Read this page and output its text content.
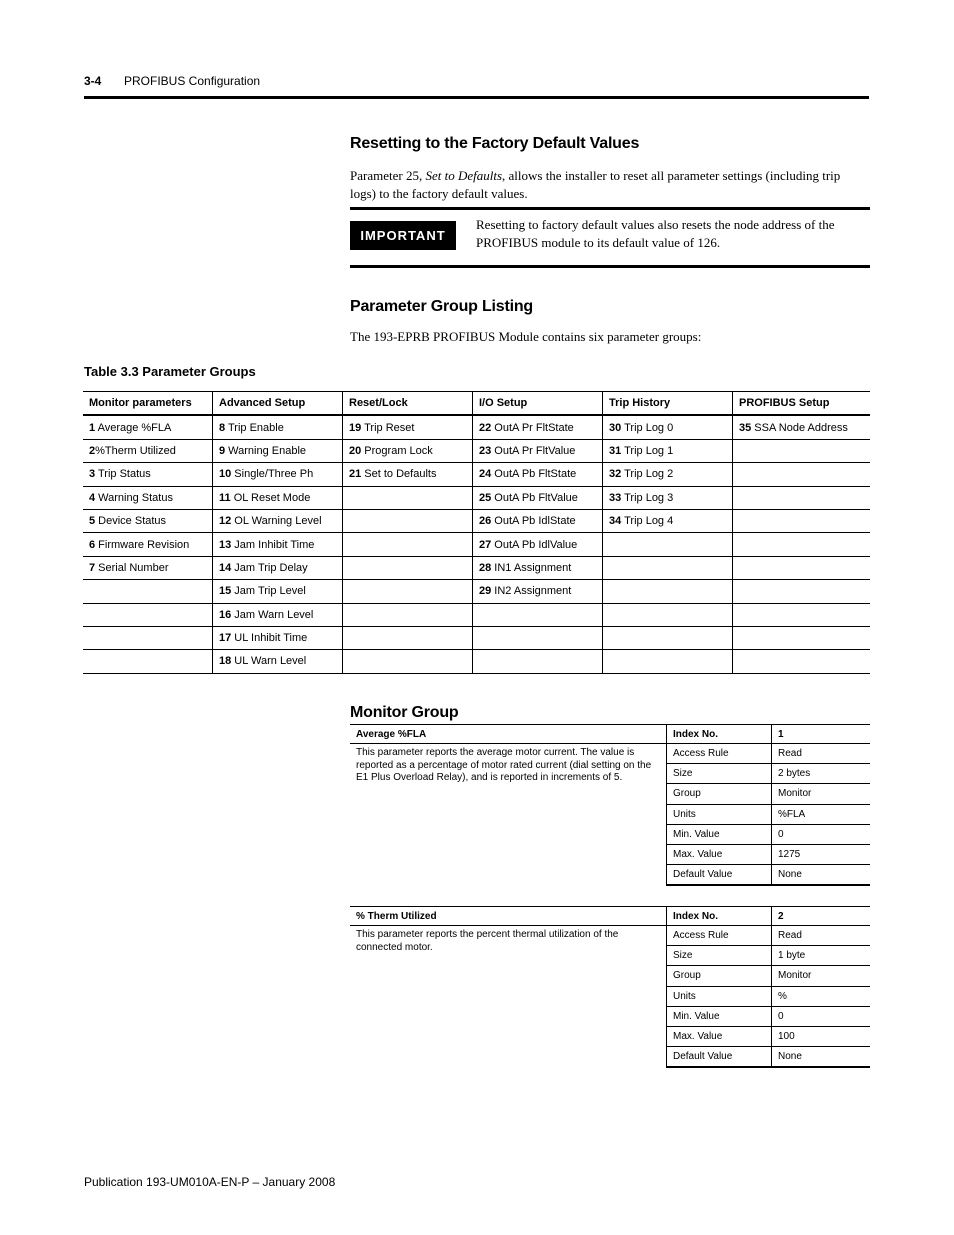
3-4 PROFIBUS Configuration
Resetting to the Factory Default Values
Parameter 25, Set to Defaults, allows the installer to reset all parameter settings (including trip logs) to the factory default values.
IMPORTANT
Resetting to factory default values also resets the node address of the PROFIBUS module to its default value of 126.
Parameter Group Listing
The 193-EPRB PROFIBUS Module contains six parameter groups:
Table 3.3 Parameter Groups
Monitor parameters	Advanced Setup	Reset/Lock	I/O Setup	Trip History	PROFIBUS Setup
1 Average %FLA	8 Trip Enable	19 Trip Reset	22 OutA Pr FltState	30 Trip Log 0	35 SSA Node Address
2%Therm Utilized	9 Warning Enable	20 Program Lock	23 OutA Pr FltValue	31 Trip Log 1	
3 Trip Status	10 Single/Three Ph	21 Set to Defaults	24 OutA Pb FltState	32 Trip Log 2	
4 Warning Status	11 OL Reset Mode		25 OutA Pb FltValue	33 Trip Log 3	
5 Device Status	12 OL Warning Level		26 OutA Pb IdlState	34 Trip Log 4	
6 Firmware Revision	13 Jam Inhibit Time		27 OutA Pb IdlValue		
7 Serial Number	14 Jam Trip Delay		28 IN1 Assignment		
	15 Jam Trip Level		29 IN2 Assignment		
	16 Jam Warn Level				
	17 UL Inhibit Time				
	18 UL Warn Level				
Monitor Group
Average %FLA	Index No.	1
This parameter reports the average motor current. The value is reported as a percentage of motor rated current (dial setting on the E1 Plus Overload Relay), and is reported in increments of 5.	Access Rule	Read
	Size	2 bytes
	Group	Monitor
	Units	%FLA
	Min. Value	0
	Max. Value	1275
	Default Value	None
% Therm Utilized	Index No.	2
This parameter reports the percent thermal utilization of the connected motor.	Access Rule	Read
	Size	1 byte
	Group	Monitor
	Units	%
	Min. Value	0
	Max. Value	100
	Default Value	None
Publication 193-UM010A-EN-P – January 2008
